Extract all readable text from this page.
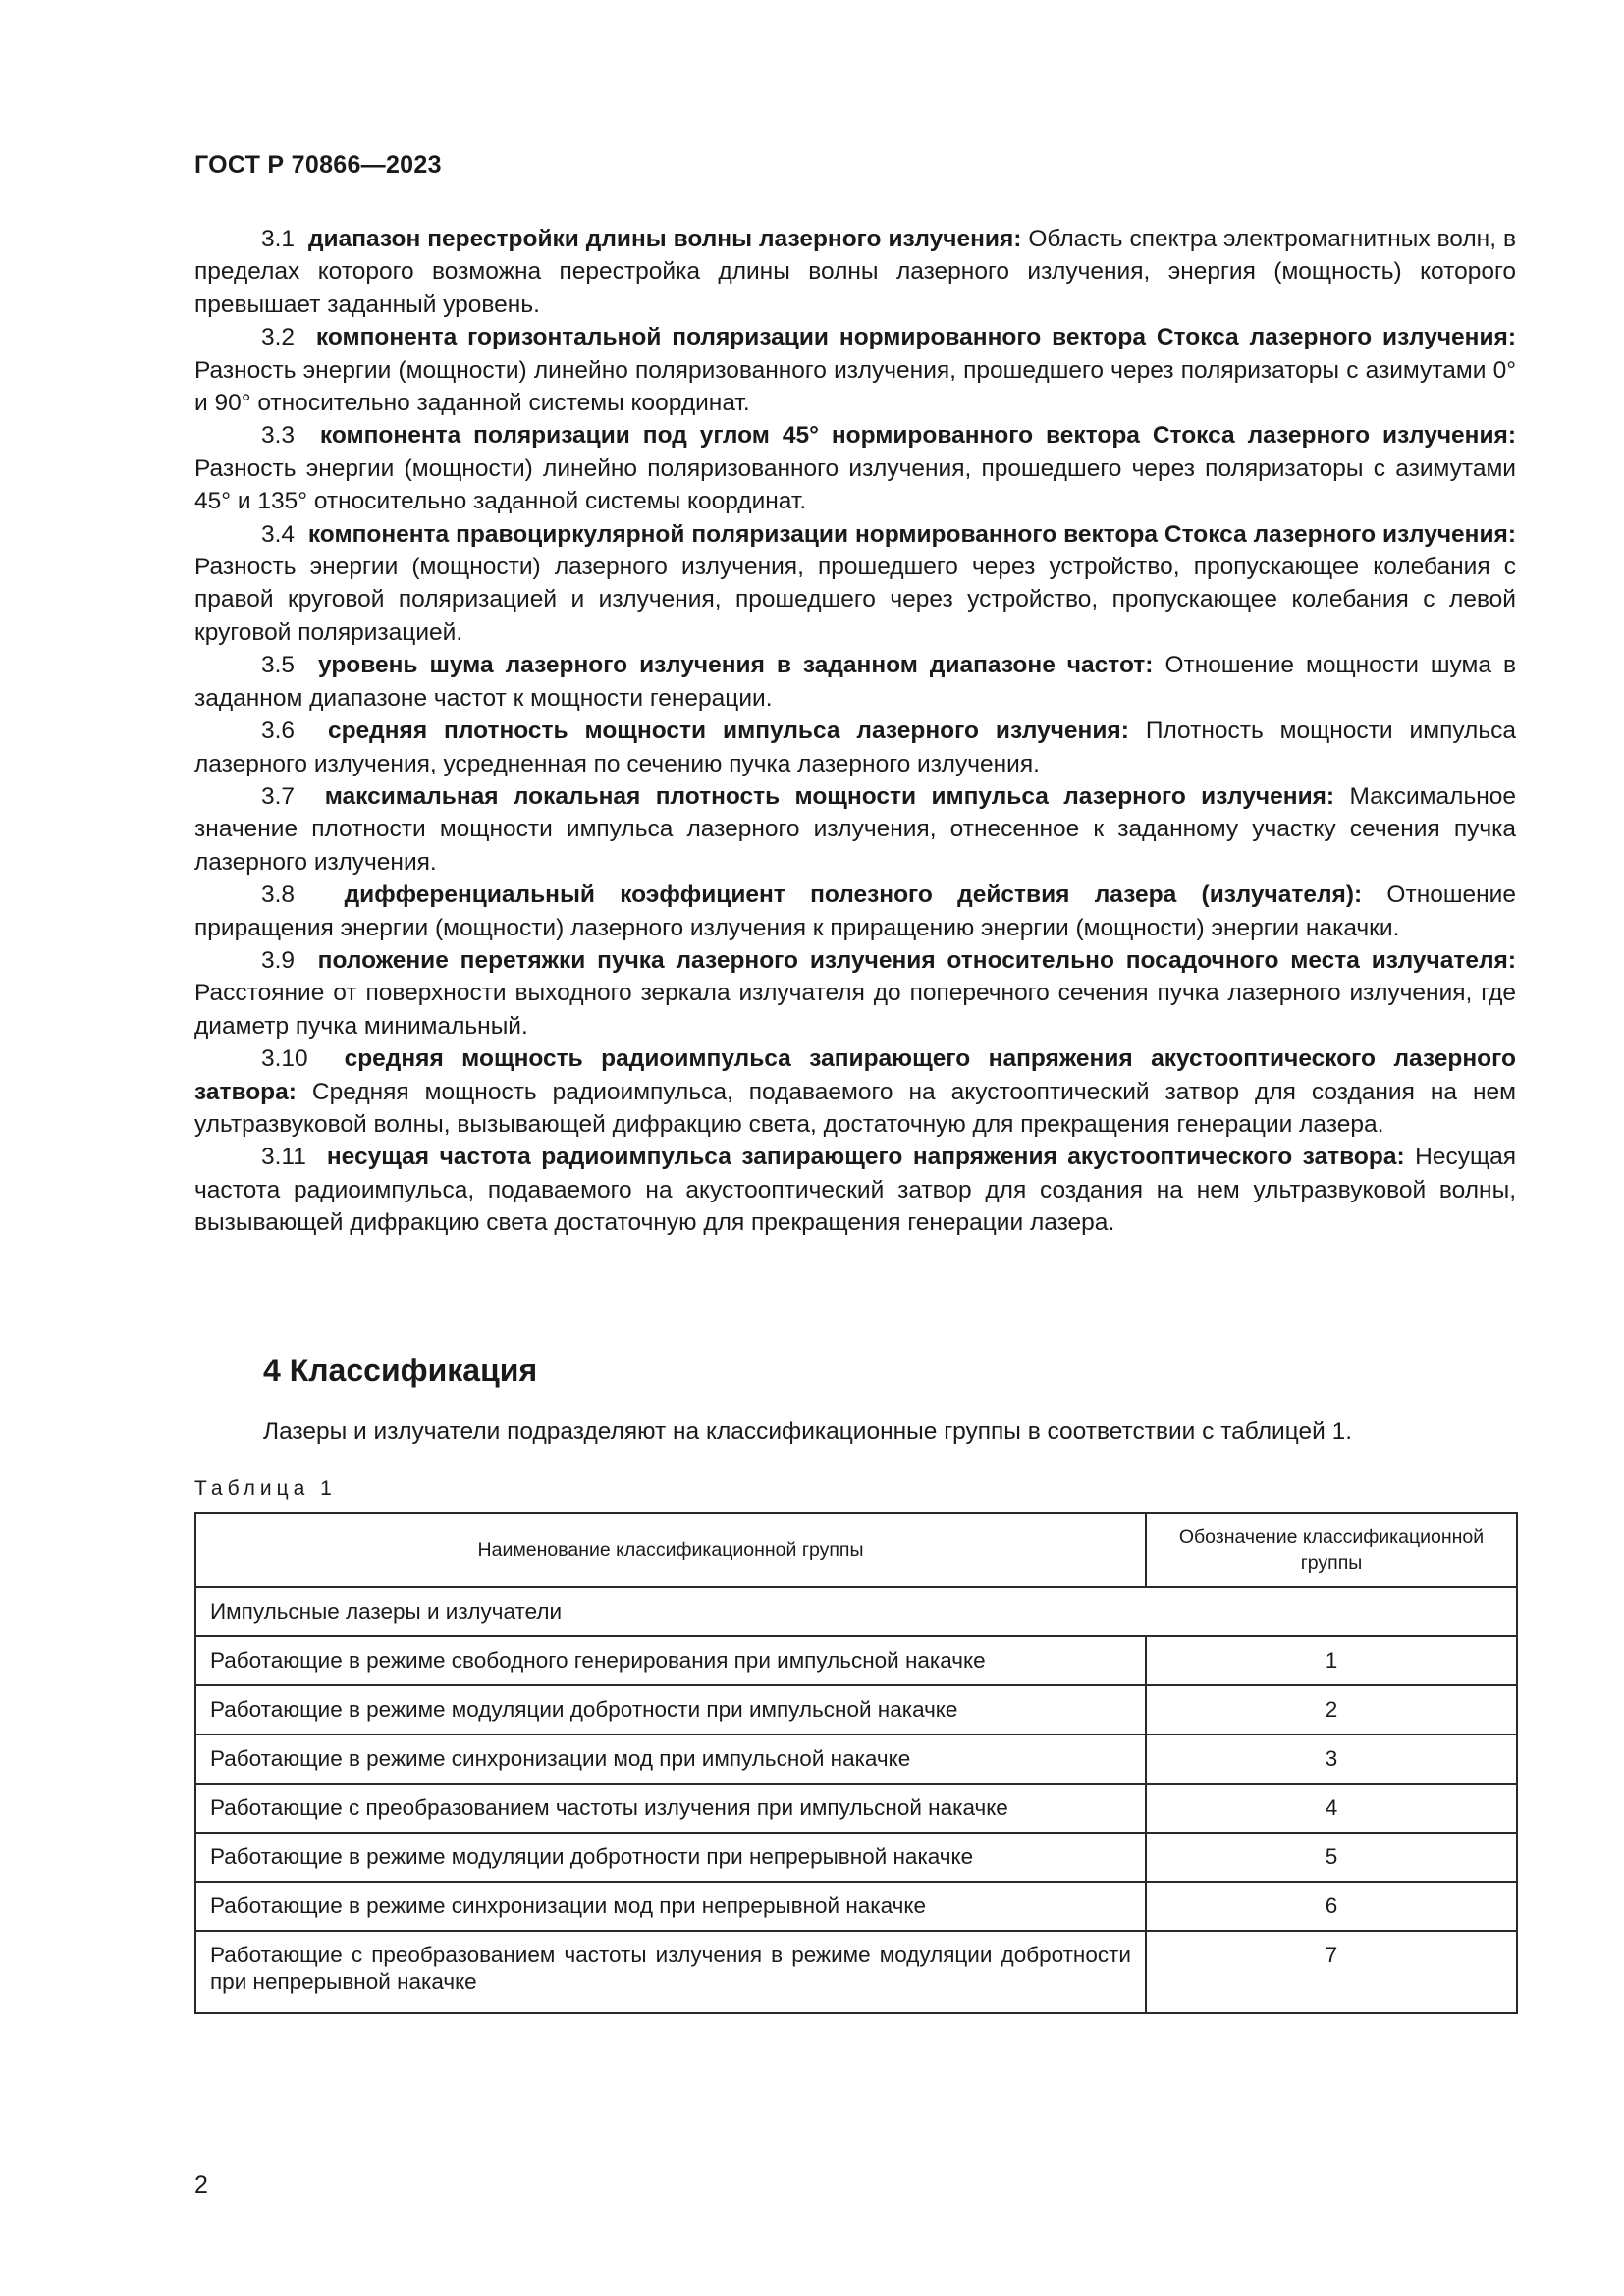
ГОСТ Р 70866—2023

3.1 диапазон перестройки длины волны лазерного излучения: Область спектра электромагнитных волн, в пределах которого возможна перестройка длины волны лазерного излучения, энергия (мощность) которого превышает заданный уровень.

3.2 компонента горизонтальной поляризации нормированного вектора Стокса лазерного излучения: Разность энергии (мощности) линейно поляризованного излучения, прошедшего через поляризаторы с азимутами 0° и 90° относительно заданной системы координат.

3.3 компонента поляризации под углом 45° нормированного вектора Стокса лазерного излучения: Разность энергии (мощности) линейно поляризованного излучения, прошедшего через поляризаторы с азимутами 45° и 135° относительно заданной системы координат.

3.4 компонента правоциркулярной поляризации нормированного вектора Стокса лазерного излучения: Разность энергии (мощности) лазерного излучения, прошедшего через устройство, пропускающее колебания с правой круговой поляризацией и излучения, прошедшего через устройство, пропускающее колебания с левой круговой поляризацией.

3.5 уровень шума лазерного излучения в заданном диапазоне частот: Отношение мощности шума в заданном диапазоне частот к мощности генерации.

3.6 средняя плотность мощности импульса лазерного излучения: Плотность мощности импульса лазерного излучения, усредненная по сечению пучка лазерного излучения.

3.7 максимальная локальная плотность мощности импульса лазерного излучения: Максимальное значение плотности мощности импульса лазерного излучения, отнесенное к заданному участку сечения пучка лазерного излучения.

3.8 дифференциальный коэффициент полезного действия лазера (излучателя): Отношение приращения энергии (мощности) лазерного излучения к приращению энергии (мощности) энергии накачки.

3.9 положение перетяжки пучка лазерного излучения относительно посадочного места излучателя: Расстояние от поверхности выходного зеркала излучателя до поперечного сечения пучка лазерного излучения, где диаметр пучка минимальный.

3.10 средняя мощность радиоимпульса запирающего напряжения акустооптического лазерного затвора: Средняя мощность радиоимпульса, подаваемого на акустооптический затвор для создания на нем ультразвуковой волны, вызывающей дифракцию света, достаточную для прекращения генерации лазера.

3.11 несущая частота радиоимпульса запирающего напряжения акустооптического затвора: Несущая частота радиоимпульса, подаваемого на акустооптический затвор для создания на нем ультразвуковой волны, вызывающей дифракцию света достаточную для прекращения генерации лазера.

4 Классификация
Лазеры и излучатели подразделяют на классификационные группы в соответствии с таблицей 1.
Таблица 1
Наименование классификационной группы	Обозначение классификационной группы
Импульсные лазеры и излучатели	
Работающие в режиме свободного генерирования при импульсной накачке	1
Работающие в режиме модуляции добротности при импульсной накачке	2
Работающие в режиме синхронизации мод при импульсной накачке	3
Работающие с преобразованием частоты излучения при импульсной накачке	4
Работающие в режиме модуляции добротности при непрерывной накачке	5
Работающие в режиме синхронизации мод при непрерывной накачке	6
Работающие с преобразованием частоты излучения в режиме модуляции добротности при непрерывной накачке	7
2
